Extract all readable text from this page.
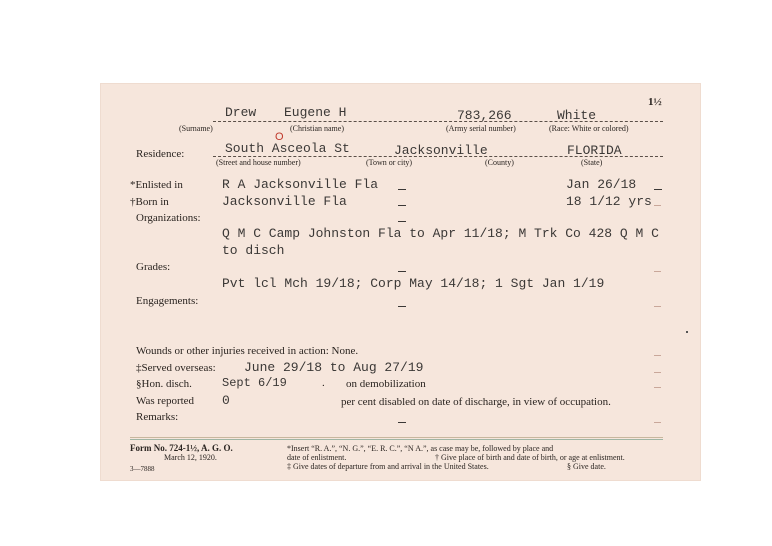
1½
Drew Eugene H	783,266	White
(Surname)	(Christian name)	(Army serial number)	(Race: White or colored)
O
Residence:	South Asceola St	Jacksonville	FLORIDA
(Street and house number)	(Town or city)	(County)	(State)
*Enlisted in	R A Jacksonville Fla	Jan 26/18
†Born in	Jacksonville Fla	18 1/12 yrs
Organizations:
Q M C Camp Johnston Fla to Apr 11/18; M Trk Co 428 Q M C
to disch
Grades:
Pvt lcl Mch 19/18; Corp May 14/18; 1 Sgt Jan 1/19
Engagements:
Wounds or other injuries received in action: None.
‡Served overseas: June 29/18 to Aug 27/19
§Hon. disch.	Sept 6/19	. on demobilization
Was reported 0	per cent disabled on date of discharge, in view of occupation.
Remarks:
Form No. 724-1½, A. G. O.
March 12, 1920.
3—7888
*Insert “R. A.”, “N. G.”, “E. R. C.”, “N A.”, as case may be, followed by place and
date of enlistment.	† Give place of birth and date of birth, or age at enlistment.
‡ Give dates of departure from and arrival in the United States.	§ Give date.
